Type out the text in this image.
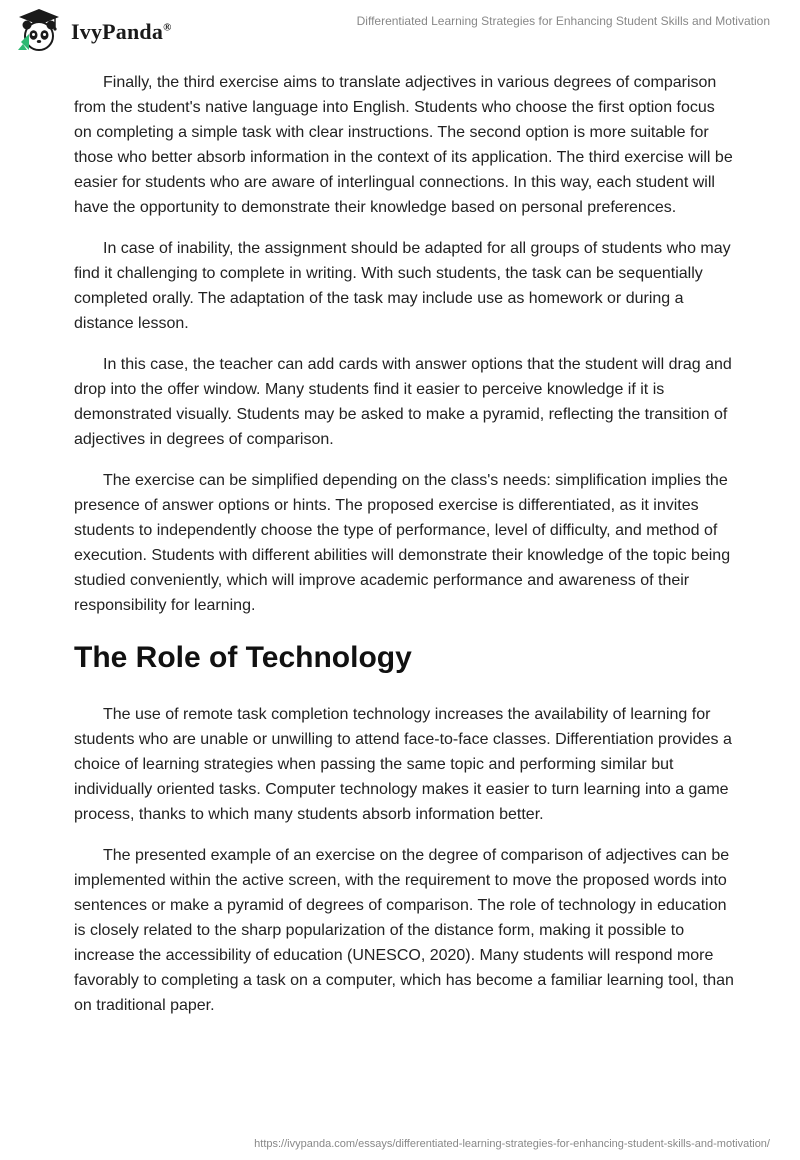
IvyPanda®	Differentiated Learning Strategies for Enhancing Student Skills and Motivation

Finally, the third exercise aims to translate adjectives in various degrees of comparison from the student's native language into English. Students who choose the first option focus on completing a simple task with clear instructions. The second option is more suitable for those who better absorb information in the context of its application. The third exercise will be easier for students who are aware of interlingual connections. In this way, each student will have the opportunity to demonstrate their knowledge based on personal preferences.

In case of inability, the assignment should be adapted for all groups of students who may find it challenging to complete in writing. With such students, the task can be sequentially completed orally. The adaptation of the task may include use as homework or during a distance lesson.

In this case, the teacher can add cards with answer options that the student will drag and drop into the offer window. Many students find it easier to perceive knowledge if it is demonstrated visually. Students may be asked to make a pyramid, reflecting the transition of adjectives in degrees of comparison.

The exercise can be simplified depending on the class's needs: simplification implies the presence of answer options or hints. The proposed exercise is differentiated, as it invites students to independently choose the type of performance, level of difficulty, and method of execution. Students with different abilities will demonstrate their knowledge of the topic being studied conveniently, which will improve academic performance and awareness of their responsibility for learning.

The Role of Technology

The use of remote task completion technology increases the availability of learning for students who are unable or unwilling to attend face-to-face classes. Differentiation provides a choice of learning strategies when passing the same topic and performing similar but individually oriented tasks. Computer technology makes it easier to turn learning into a game process, thanks to which many students absorb information better.

The presented example of an exercise on the degree of comparison of adjectives can be implemented within the active screen, with the requirement to move the proposed words into sentences or make a pyramid of degrees of comparison. The role of technology in education is closely related to the sharp popularization of the distance form, making it possible to increase the accessibility of education (UNESCO, 2020). Many students will respond more favorably to completing a task on a computer, which has become a familiar learning tool, than on traditional paper.

https://ivypanda.com/essays/differentiated-learning-strategies-for-enhancing-student-skills-and-motivation/
